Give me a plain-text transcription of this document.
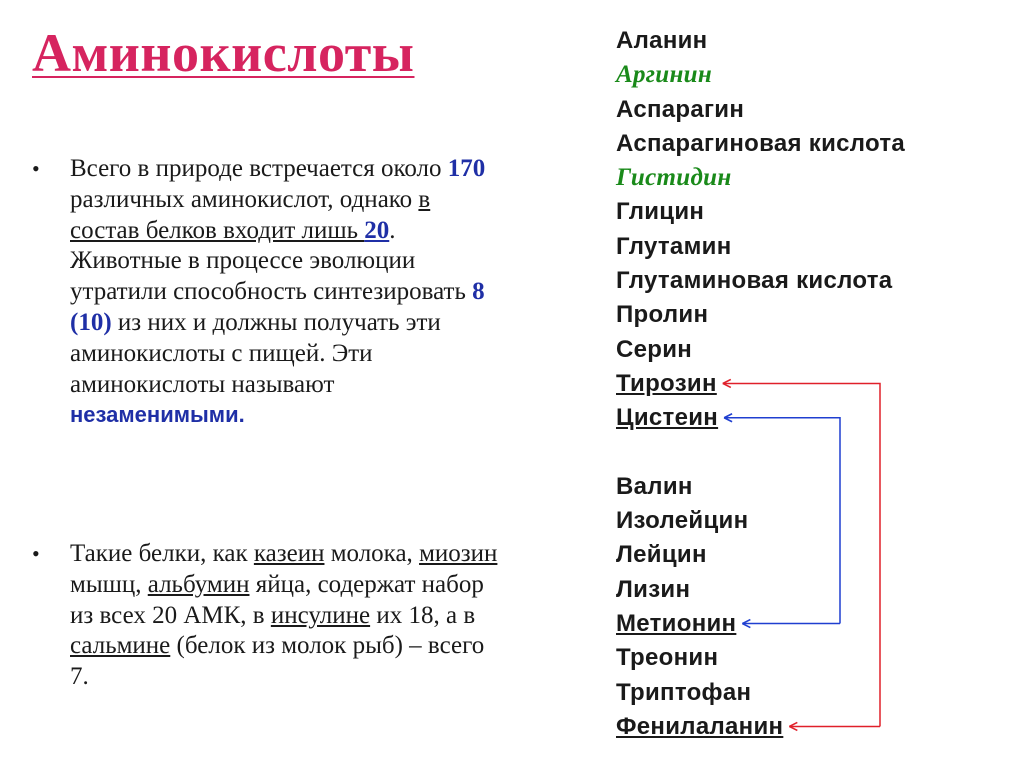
Аминокислоты
• Всего в природе встречается около 170 различных аминокислот, однако в состав белков входит лишь 20. Животные в процессе эволюции утратили способность синтезировать 8 (10) из них и должны получать эти аминокислоты с пищей. Эти аминокислоты называют незаменимыми.
• Такие белки, как казеин молока, миозин мышц, альбумин яйца, содержат набор из всех 20 АМК, в инсулине их 18, а в сальмине (белок из молок рыб) – всего 7.
Аланин
Аргинин
Аспарагин
Аспарагиновая кислота
Гистидин
Глицин
Глутамин
Глутаминовая кислота
Пролин
Серин
Тирозин
Цистеин
Валин
Изолейцин
Лейцин
Лизин
Метионин
Треонин
Триптофан
Фенилаланин
